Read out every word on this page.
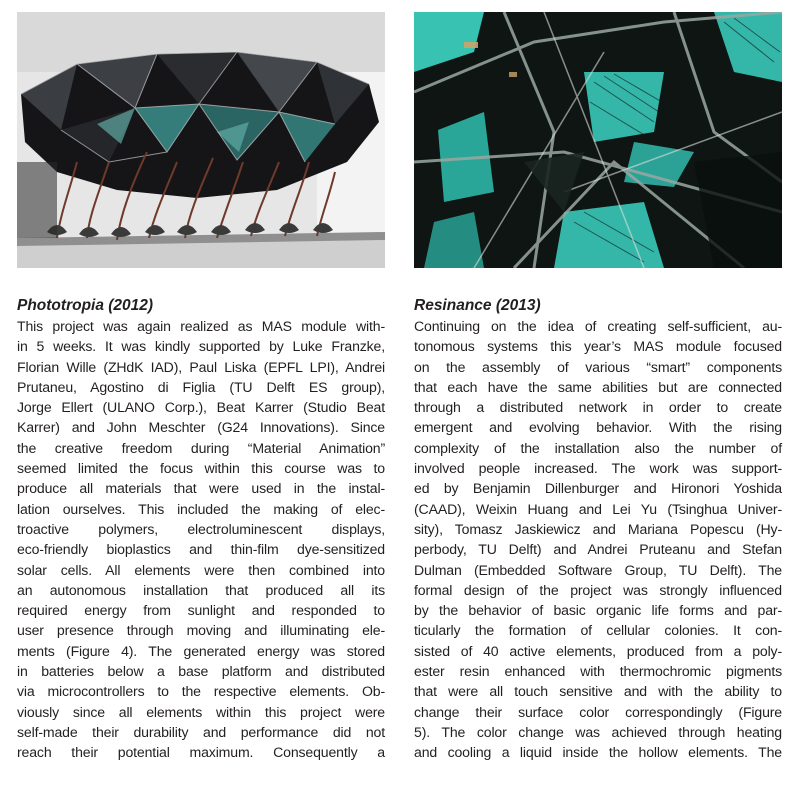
Phototropia (2012)
This project was again realized as MAS module with-
in 5 weeks. It was kindly supported by Luke Franzke,
Florian Wille (ZHdK IAD), Paul Liska (EPFL LPI), Andrei
Prutaneu, Agostino di Figlia (TU Delft ES group),
Jorge Ellert (ULANO Corp.), Beat Karrer (Studio Beat
Karrer) and John Meschter (G24 Innovations). Since
the creative freedom during “Material Animation”
seemed limited the focus within this course was to
produce all materials that were used in the instal-
lation ourselves. This included the making of elec-
troactive polymers, electroluminescent displays,
eco-friendly bioplastics and thin-film dye-sensitized
solar cells. All elements were then combined into
an autonomous installation that produced all its
required energy from sunlight and responded to
user presence through moving and illuminating ele-
ments (Figure 4). The generated energy was stored
in batteries below a base platform and distributed
via microcontrollers to the respective elements. Ob-
viously since all elements within this project were
self-made their durability and performance did not
reach their potential maximum. Consequently a
Resinance (2013)
Continuing on the idea of creating self-sufficient, au-
tonomous systems this year’s MAS module focused
on the assembly of various “smart” components
that each have the same abilities but are connected
through a distributed network in order to create
emergent and evolving behavior. With the rising
complexity of the installation also the number of
involved people increased. The work was support-
ed by Benjamin Dillenburger and Hironori Yoshida
(CAAD), Weixin Huang and Lei Yu (Tsinghua Univer-
sity), Tomasz Jaskiewicz and Mariana Popescu (Hy-
perbody, TU Delft) and Andrei Pruteanu and Stefan
Dulman (Embedded Software Group, TU Delft). The
formal design of the project was strongly influenced
by the behavior of basic organic life forms and par-
ticularly the formation of cellular colonies. It con-
sisted of 40 active elements, produced from a poly-
ester resin enhanced with thermochromic pigments
that were all touch sensitive and with the ability to
change their surface color correspondingly (Figure
5). The color change was achieved through heating
and cooling a liquid inside the hollow elements. The
